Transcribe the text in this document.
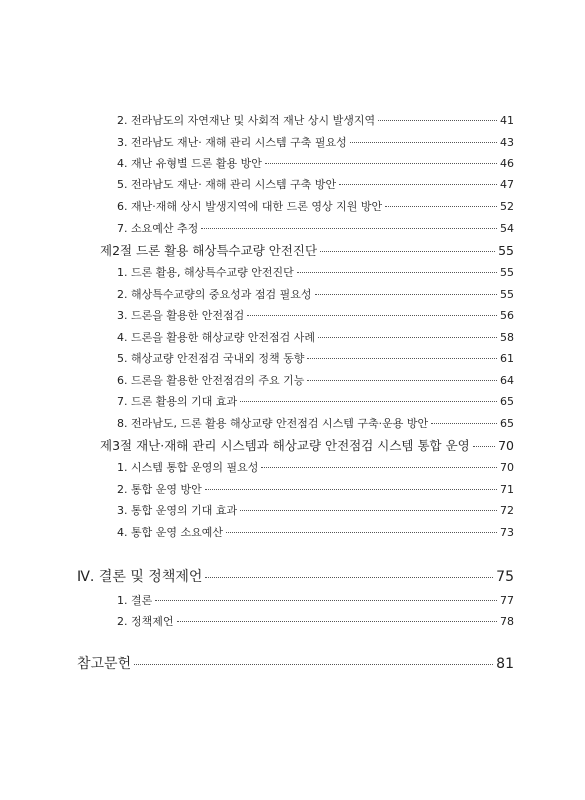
2. 전라남도의 자연재난 및 사회적 재난 상시 발생지역	41
3. 전라남도 재난· 재해 관리 시스템 구축 필요성	43
4. 재난 유형별 드론 활용 방안	46
5. 전라남도 재난· 재해 관리 시스템 구축 방안	47
6. 재난·재해 상시 발생지역에 대한 드론 영상 지원 방안	52
7. 소요예산 추정	54
제2절 드론 활용 해상특수교량 안전진단	55
1. 드론 활용, 해상특수교량 안전진단	55
2. 해상특수교량의 중요성과 점검 필요성	55
3. 드론을 활용한 안전점검	56
4. 드론을 활용한 해상교량 안전점검 사례	58
5. 해상교량 안전점검 국내외 정책 동향	61
6. 드론을 활용한 안전점검의 주요 기능	64
7. 드론 활용의 기대 효과	65
8. 전라남도, 드론 활용 해상교량 안전점검 시스템 구축·운용 방안	65
제3절 재난·재해 관리 시스템과 해상교량 안전점검 시스템 통합 운영 70
1. 시스템 통합 운영의 필요성	70
2. 통합 운영 방안	71
3. 통합 운영의 기대 효과	72
4. 통합 운영 소요예산	73
Ⅳ. 결론 및 정책제언	75
1. 결론	77
2. 정책제언	78
참고문헌	81
